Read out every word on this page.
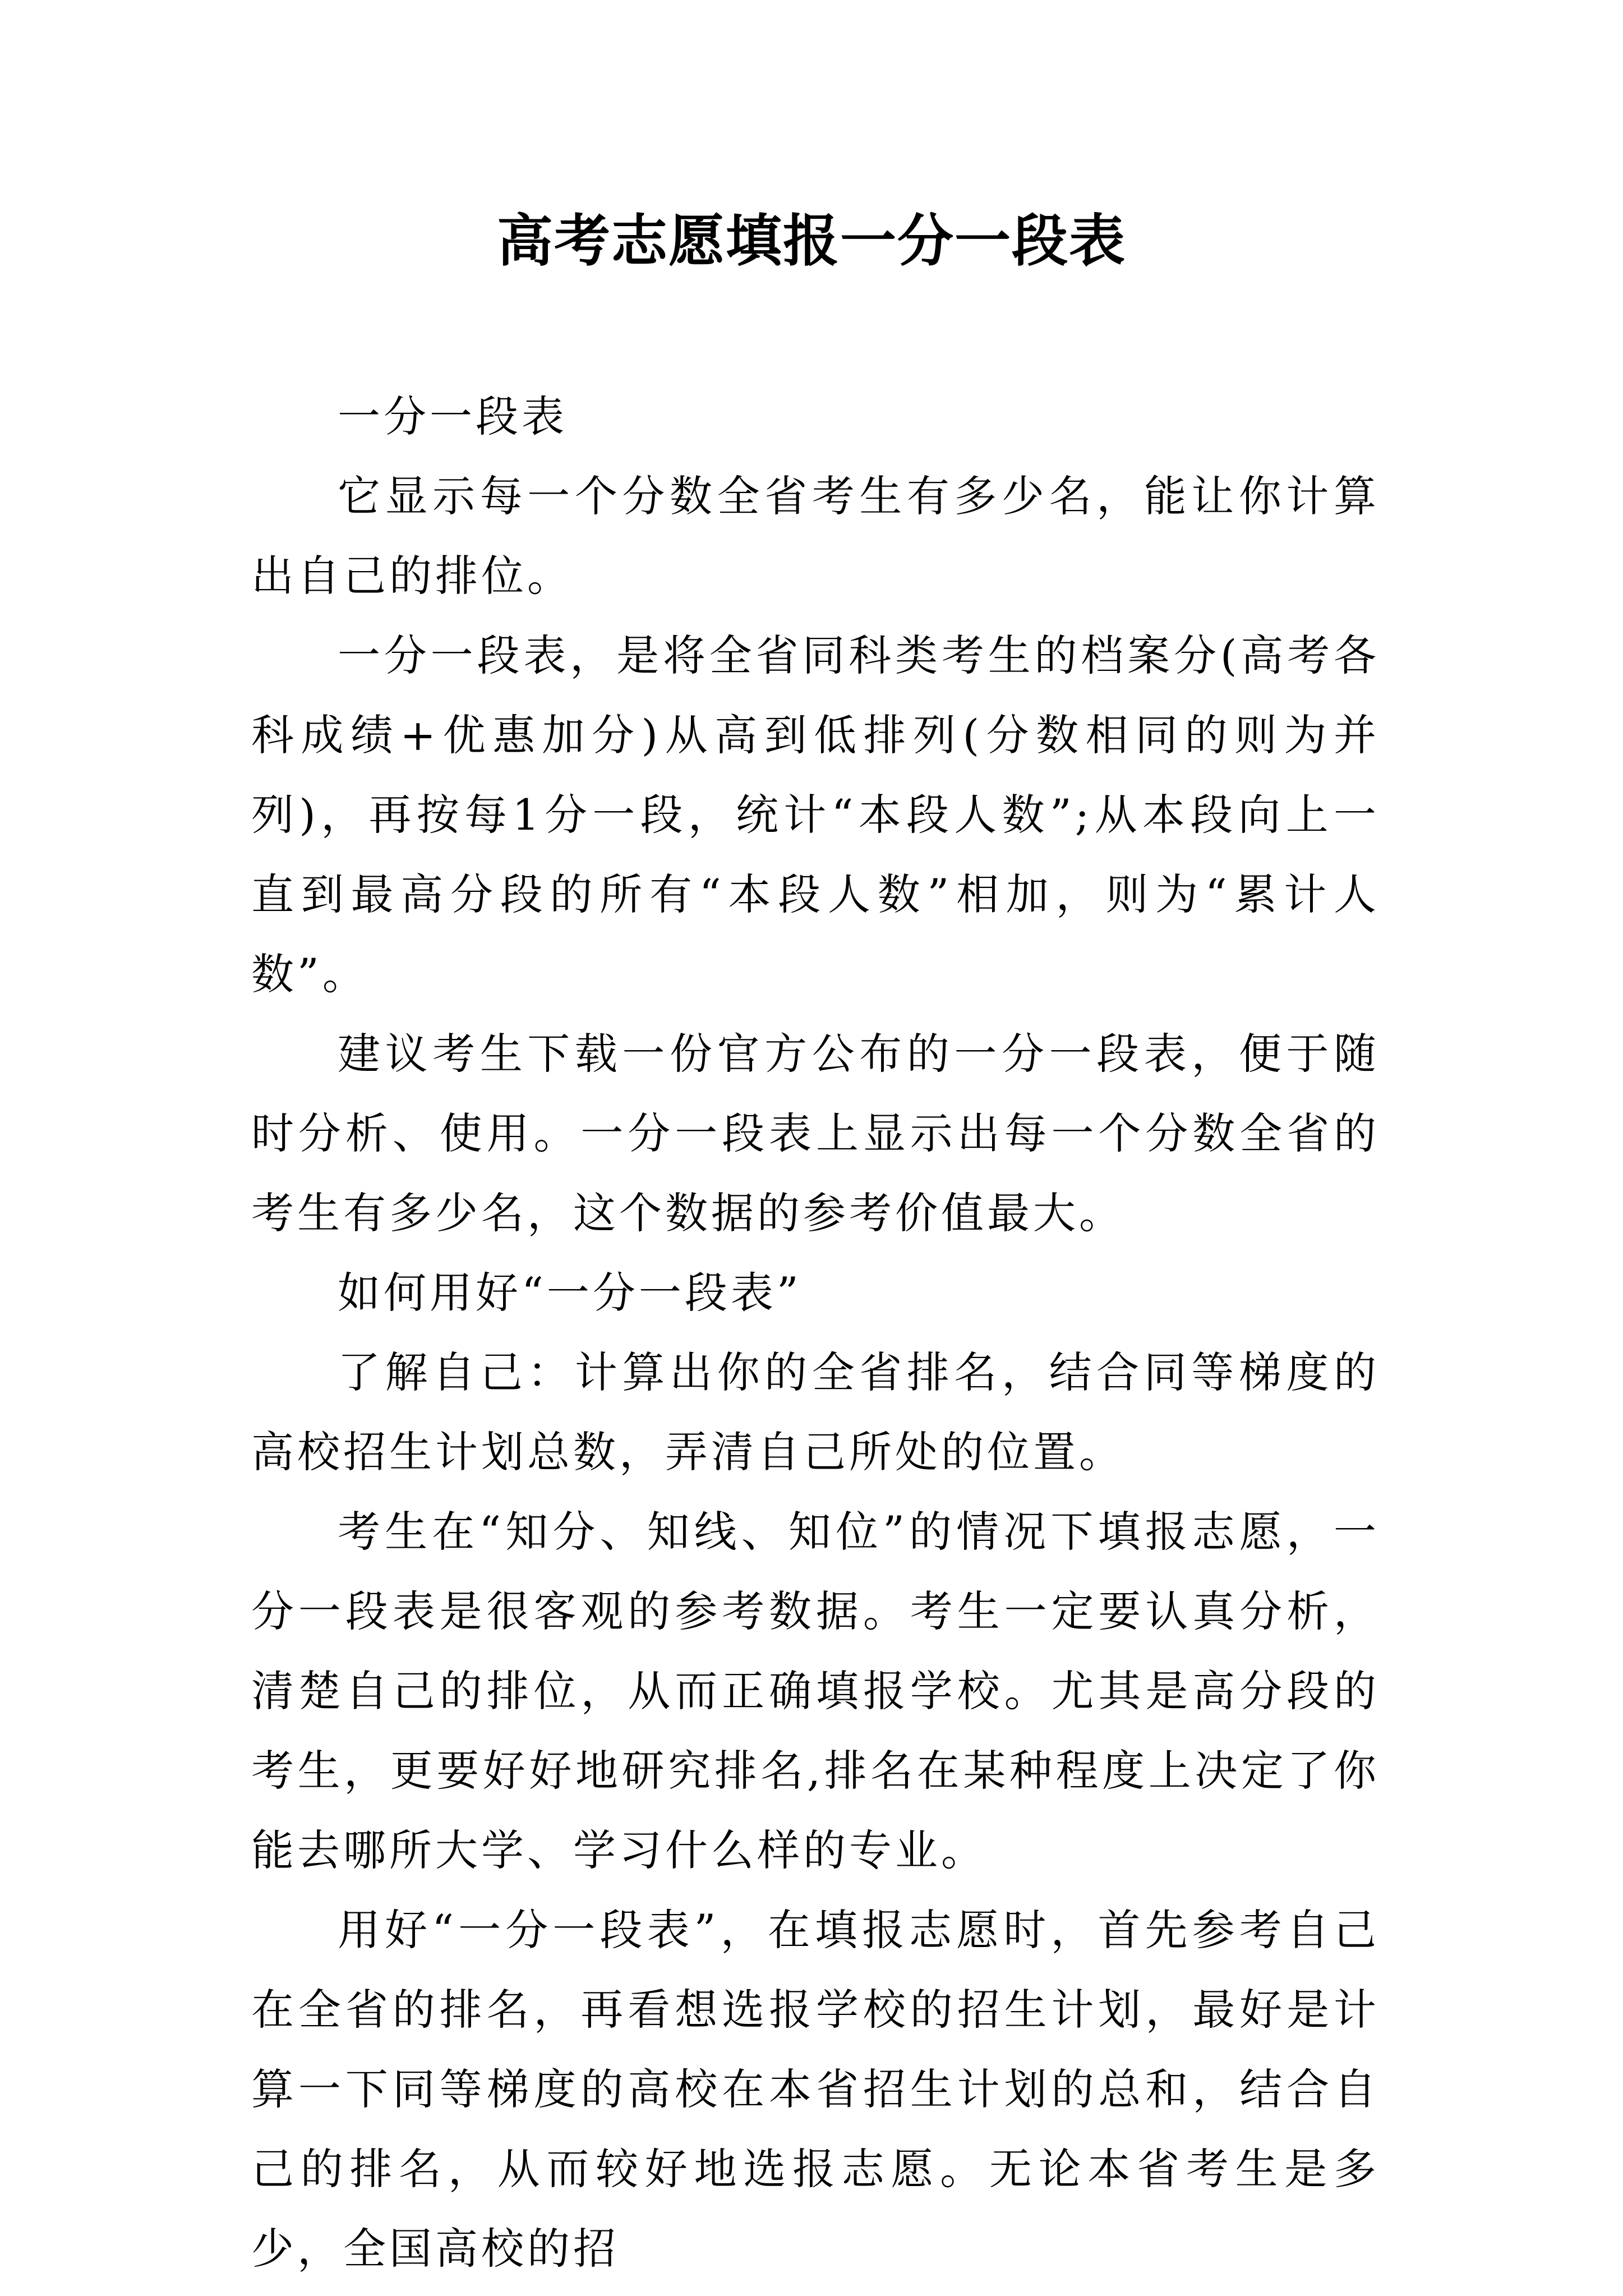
高考志愿填报一分一段表

一分一段表

它显示每一个分数全省考生有多少名，能让你计算出自己的排位。

一分一段表，是将全省同科类考生的档案分(高考各科成绩+优惠加分)从高到低排列(分数相同的则为并列)，再按每1分一段，统计“本段人数”;从本段向上一直到最高分段的所有“本段人数”相加，则为“累计人数”。

建议考生下载一份官方公布的一分一段表，便于随时分析、使用。一分一段表上显示出每一个分数全省的考生有多少名，这个数据的参考价值最大。

如何用好“一分一段表”

了解自己：计算出你的全省排名，结合同等梯度的高校招生计划总数，弄清自己所处的位置。

考生在“知分、知线、知位”的情况下填报志愿，一分一段表是很客观的参考数据。考生一定要认真分析，清楚自己的排位，从而正确填报学校。尤其是高分段的考生，更要好好地研究排名,排名在某种程度上决定了你能去哪所大学、学习什么样的专业。

用好“一分一段表”，在填报志愿时，首先参考自己在全省的排名，再看想选报学校的招生计划，最好是计算一下同等梯度的高校在本省招生计划的总和，结合自己的排名，从而较好地选报志愿。无论本省考生是多少，全国高校的招
